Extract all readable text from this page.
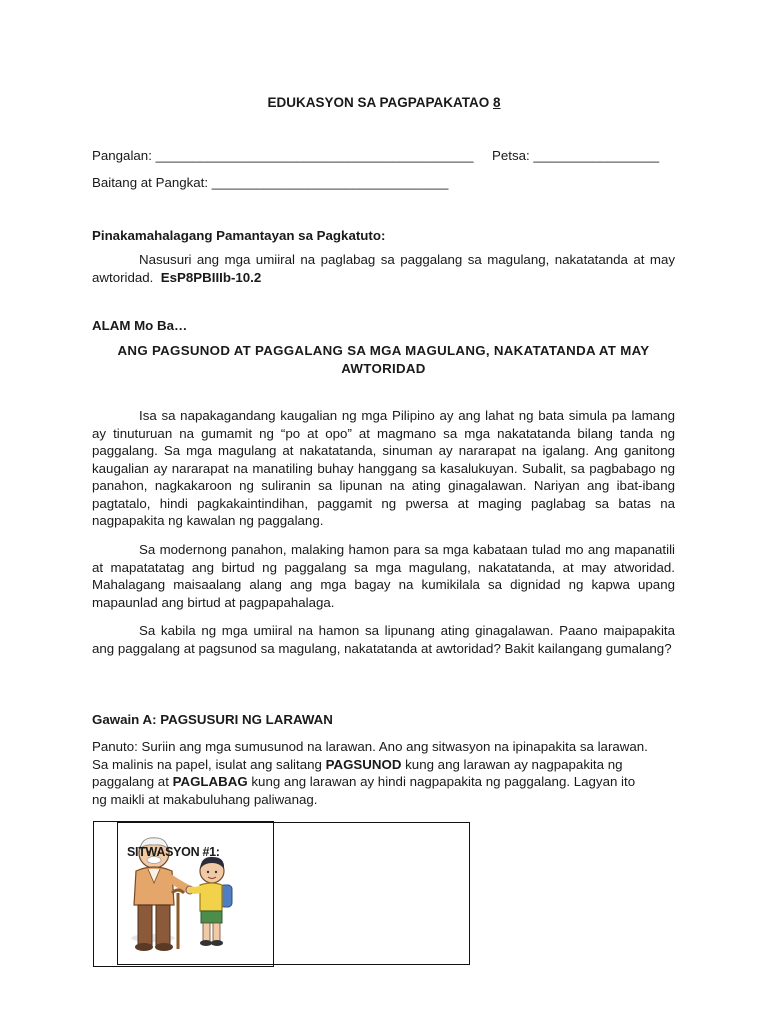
EDUKASYON SA PAGPAPAKATAO 8
Pangalan: ___________________________________________ Petsa: _________________
Baitang at Pangkat: ________________________________
Pinakamahalagang Pamantayan sa Pagkatuto:
Nasusuri ang mga umiiral na paglabag sa paggalang sa magulang, nakatatanda at may awtoridad. EsP8PBIIIb-10.2
ALAM Mo Ba…
ANG PAGSUNOD AT PAGGALANG SA MGA MAGULANG, NAKATATANDA AT MAY AWTORIDAD
Isa sa napakagandang kaugalian ng mga Pilipino ay ang lahat ng bata simula pa lamang ay tinuturuan na gumamit ng “po at opo” at magmano sa mga nakatatanda bilang tanda ng paggalang. Sa mga magulang at nakatatanda, sinuman ay nararapat na igalang. Ang ganitong kaugalian ay nararapat na manatiling buhay hanggang sa kasalukuyan. Subalit, sa pagbabago ng panahon, nagkakaroon ng suliranin sa lipunan na ating ginagalawan. Nariyan ang ibat-ibang pagtatalo, hindi pagkakaintindihan, paggamit ng pwersa at maging paglabag sa batas na nagpapakita ng kawalan ng paggalang.
Sa modernong panahon, malaking hamon para sa mga kabataan tulad mo ang mapanatili at mapatatatag ang birtud ng paggalang sa mga magulang, nakatatanda, at may atworidad. Mahalagang maisaalang alang ang mga bagay na kumikilala sa dignidad ng kapwa upang mapaunlad ang birtud at pagpapahalaga.
Sa kabila ng mga umiiral na hamon sa lipunang ating ginagalawan. Paano maipapakita ang paggalang at pagsunod sa magulang, nakatatanda at awtoridad? Bakit kailangang gumalang?
Gawain A: PAGSUSURI NG LARAWAN
Panuto: Suriin ang mga sumusunod na larawan. Ano ang sitwasyon na ipinapakita sa larawan. Sa malinis na papel, isulat ang salitang PAGSUNOD kung ang larawan ay nagpapakita ng paggalang at PAGLABAG kung ang larawan ay hindi nagpapakita ng paggalang. Lagyan ito ng maikli at makabuluhang paliwanag.
SITWASYON #1:
